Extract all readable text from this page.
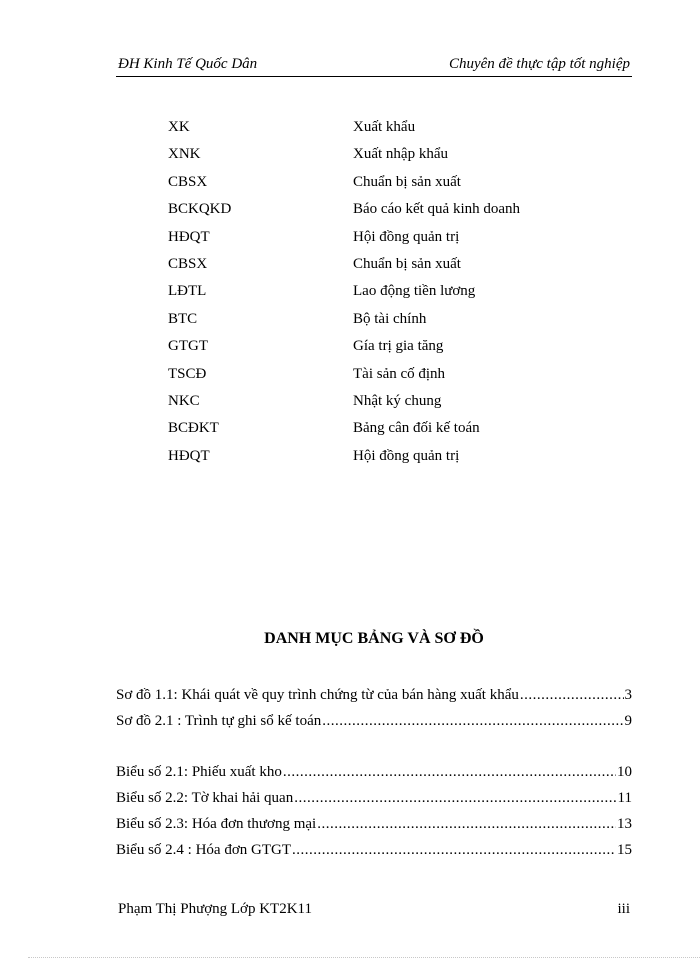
ĐH Kinh Tế Quốc Dân	Chuyên đề thực tập tốt nghiệp
XK	Xuất khẩu
XNK	Xuất nhập khẩu
CBSX	Chuẩn bị sản xuất
BCKQKD	Báo cáo kết quả kinh doanh
HĐQT	Hội đồng quản trị
CBSX	Chuẩn bị sản xuất
LĐTL	Lao động tiền lương
BTC	Bộ tài chính
GTGT	Gía trị gia tăng
TSCĐ	Tài sản cố định
NKC	Nhật ký chung
BCĐKT	Bảng cân đối kế toán
HĐQT	Hội đồng quản trị
DANH MỤC BẢNG VÀ SƠ ĐỒ
Sơ đồ 1.1: Khái quát về quy trình chứng từ của bán hàng xuất khẩu .....	3
Sơ đồ 2.1 : Trình tự ghi sổ kế toán .....	9
Biểu số 2.1: Phiếu xuất kho .....	10
Biểu số 2.2: Tờ khai hải quan .....	11
Biểu số 2.3: Hóa đơn thương mại .....	13
Biểu số 2.4 : Hóa đơn GTGT .....	15
Phạm Thị Phượng Lớp KT2K11	iii
